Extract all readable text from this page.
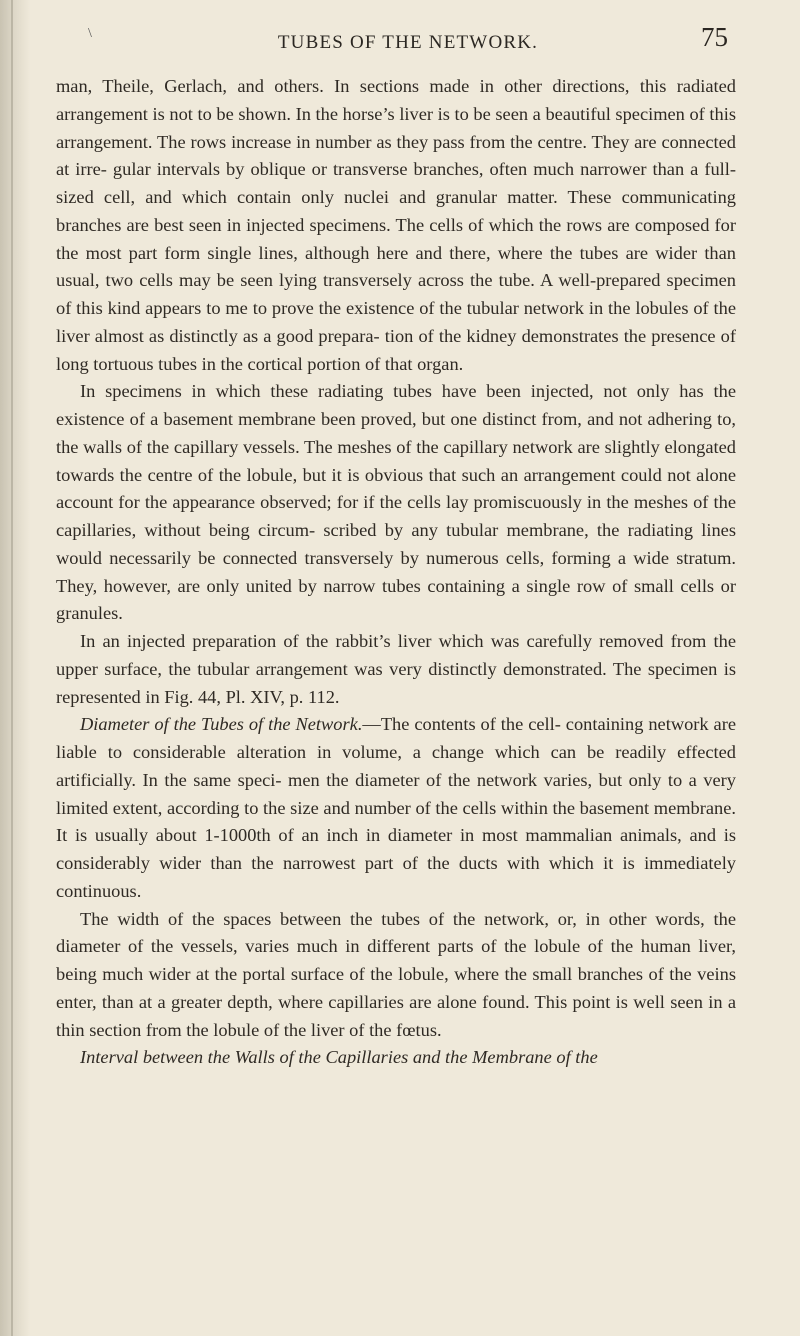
\	TUBES OF THE NETWORK.	75

man, Theile, Gerlach, and others. In sections made in other directions, this radiated arrangement is not to be shown. In the horse’s liver is to be seen a beautiful specimen of this arrangement. The rows increase in number as they pass from the centre. They are connected at irre- gular intervals by oblique or transverse branches, often much narrower than a full-sized cell, and which contain only nuclei and granular matter. These communicating branches are best seen in injected specimens. The cells of which the rows are composed for the most part form single lines, although here and there, where the tubes are wider than usual, two cells may be seen lying transversely across the tube. A well-prepared specimen of this kind appears to me to prove the existence of the tubular network in the lobules of the liver almost as distinctly as a good prepara- tion of the kidney demonstrates the presence of long tortuous tubes in the cortical portion of that organ.

In specimens in which these radiating tubes have been injected, not only has the existence of a basement membrane been proved, but one distinct from, and not adhering to, the walls of the capillary vessels. The meshes of the capillary network are slightly elongated towards the centre of the lobule, but it is obvious that such an arrangement could not alone account for the appearance observed; for if the cells lay promiscuously in the meshes of the capillaries, without being circum- scribed by any tubular membrane, the radiating lines would necessarily be connected transversely by numerous cells, forming a wide stratum. They, however, are only united by narrow tubes containing a single row of small cells or granules.

In an injected preparation of the rabbit’s liver which was carefully removed from the upper surface, the tubular arrangement was very distinctly demonstrated. The specimen is represented in Fig. 44, Pl. XIV, p. 112.

Diameter of the Tubes of the Network.—The contents of the cell- containing network are liable to considerable alteration in volume, a change which can be readily effected artificially. In the same speci- men the diameter of the network varies, but only to a very limited extent, according to the size and number of the cells within the basement membrane. It is usually about 1-1000th of an inch in diameter in most mammalian animals, and is considerably wider than the narrowest part of the ducts with which it is immediately continuous.

The width of the spaces between the tubes of the network, or, in other words, the diameter of the vessels, varies much in different parts of the lobule of the human liver, being much wider at the portal surface of the lobule, where the small branches of the veins enter, than at a greater depth, where capillaries are alone found. This point is well seen in a thin section from the lobule of the liver of the fœtus.

Interval between the Walls of the Capillaries and the Membrane of the
